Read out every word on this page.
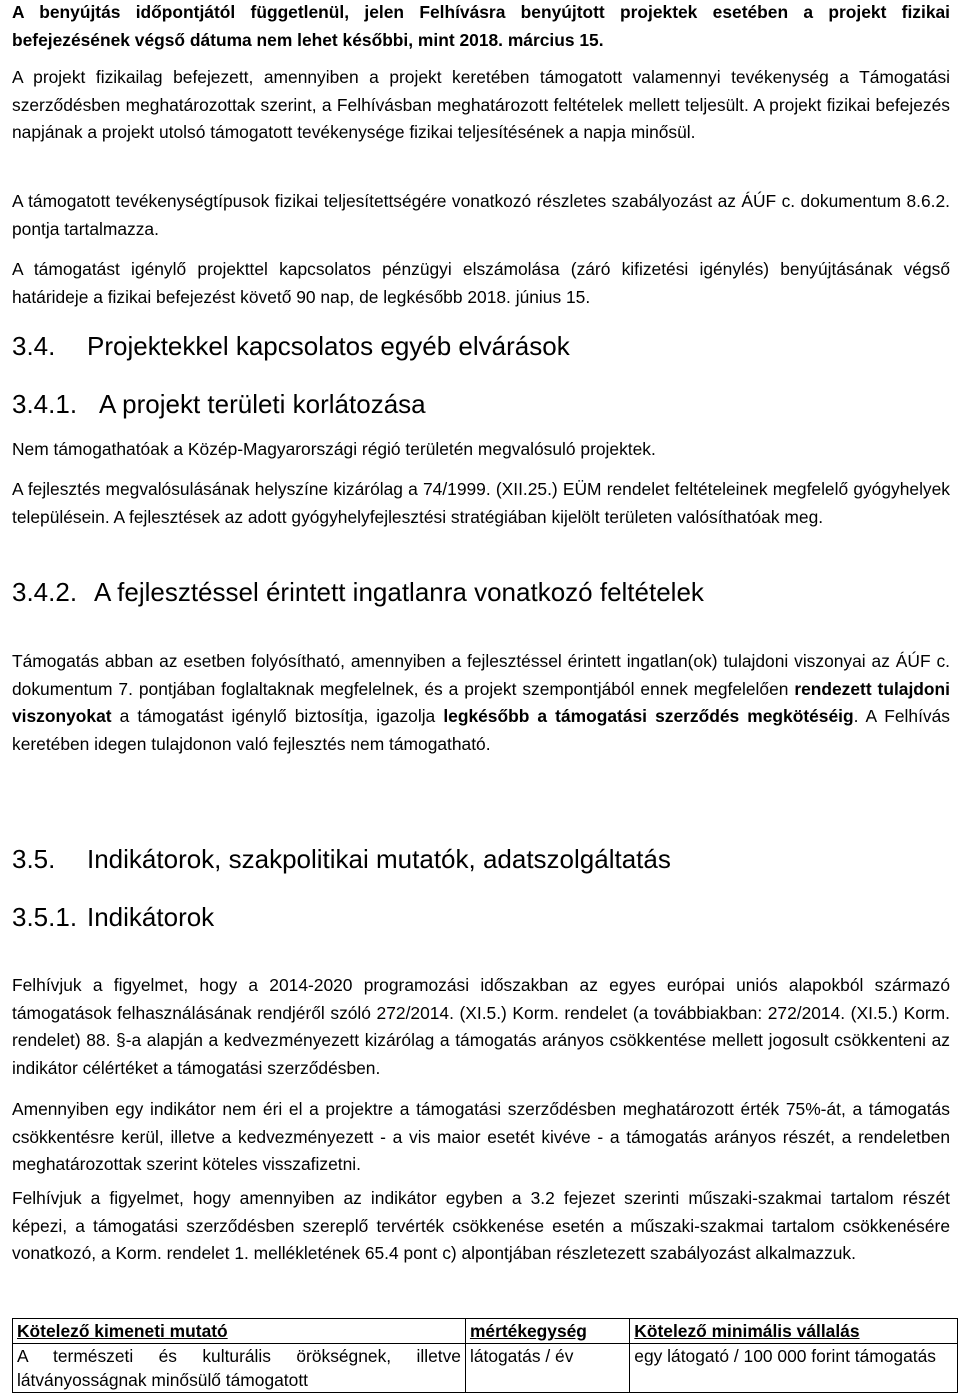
A benyújtás időpontjától függetlenül, jelen Felhívásra benyújtott projektek esetében a projekt fizikai befejezésének végső dátuma nem lehet későbbi, mint 2018. március 15.

A projekt fizikailag befejezett, amennyiben a projekt keretében támogatott valamennyi tevékenység a Támogatási szerződésben meghatározottak szerint, a Felhívásban meghatározott feltételek mellett teljesült. A projekt fizikai befejezés napjának a projekt utolsó támogatott tevékenysége fizikai teljesítésének a napja minősül.

A támogatott tevékenységtípusok fizikai teljesítettségére vonatkozó részletes szabályozást az ÁÚF c. dokumentum 8.6.2. pontja tartalmazza.

A támogatást igénylő projekttel kapcsolatos pénzügyi elszámolása (záró kifizetési igénylés) benyújtásának végső határideje a fizikai befejezést követő 90 nap, de legkésőbb 2018. június 15.

3.4. Projektekkel kapcsolatos egyéb elvárások
3.4.1. A projekt területi korlátozása

Nem támogathatóak a Közép-Magyarországi régió területén megvalósuló projektek.

A fejlesztés megvalósulásának helyszíne kizárólag a 74/1999. (XII.25.) EÜM rendelet feltételeinek megfelelő gyógyhelyek településein. A fejlesztések az adott gyógyhelyfejlesztési stratégiában kijelölt területen valósíthatóak meg.

3.4.2. A fejlesztéssel érintett ingatlanra vonatkozó feltételek

Támogatás abban az esetben folyósítható, amennyiben a fejlesztéssel érintett ingatlan(ok) tulajdoni viszonyai az ÁÚF c. dokumentum 7. pontjában foglaltaknak megfelelnek, és a projekt szempontjából ennek megfelelően rendezett tulajdoni viszonyokat a támogatást igénylő biztosítja, igazolja legkésőbb a támogatási szerződés megkötéséig. A Felhívás keretében idegen tulajdonon való fejlesztés nem támogatható.

3.5. Indikátorok, szakpolitikai mutatók, adatszolgáltatás
3.5.1. Indikátorok

Felhívjuk a figyelmet, hogy a 2014-2020 programozási időszakban az egyes európai uniós alapokból származó támogatások felhasználásának rendjéről szóló 272/2014. (XI.5.) Korm. rendelet (a továbbiakban: 272/2014. (XI.5.) Korm. rendelet) 88. §-a alapján a kedvezményezett kizárólag a támogatás arányos csökkentése mellett jogosult csökkenteni az indikátor célértéket a támogatási szerződésben.

Amennyiben egy indikátor nem éri el a projektre a támogatási szerződésben meghatározott érték 75%-át, a támogatás csökkentésre kerül, illetve a kedvezményezett - a vis maior esetét kivéve - a támogatás arányos részét, a rendeletben meghatározottak szerint köteles visszafizetni.

Felhívjuk a figyelmet, hogy amennyiben az indikátor egyben a 3.2 fejezet szerinti műszaki-szakmai tartalom részét képezi, a támogatási szerződésben szereplő tervérték csökkenése esetén a műszaki-szakmai tartalom csökkenésére vonatkozó, a Korm. rendelet 1. mellékletének 65.4 pont c) alpontjában részletezett szabályozást alkalmazzuk.

Kötelező kimeneti mutató	mértékegység	Kötelező minimális vállalás
A természeti és kulturális örökségnek, illetve látványosságnak minősülő támogatott	látogatás / év	egy látogató / 100 000 forint támogatás
